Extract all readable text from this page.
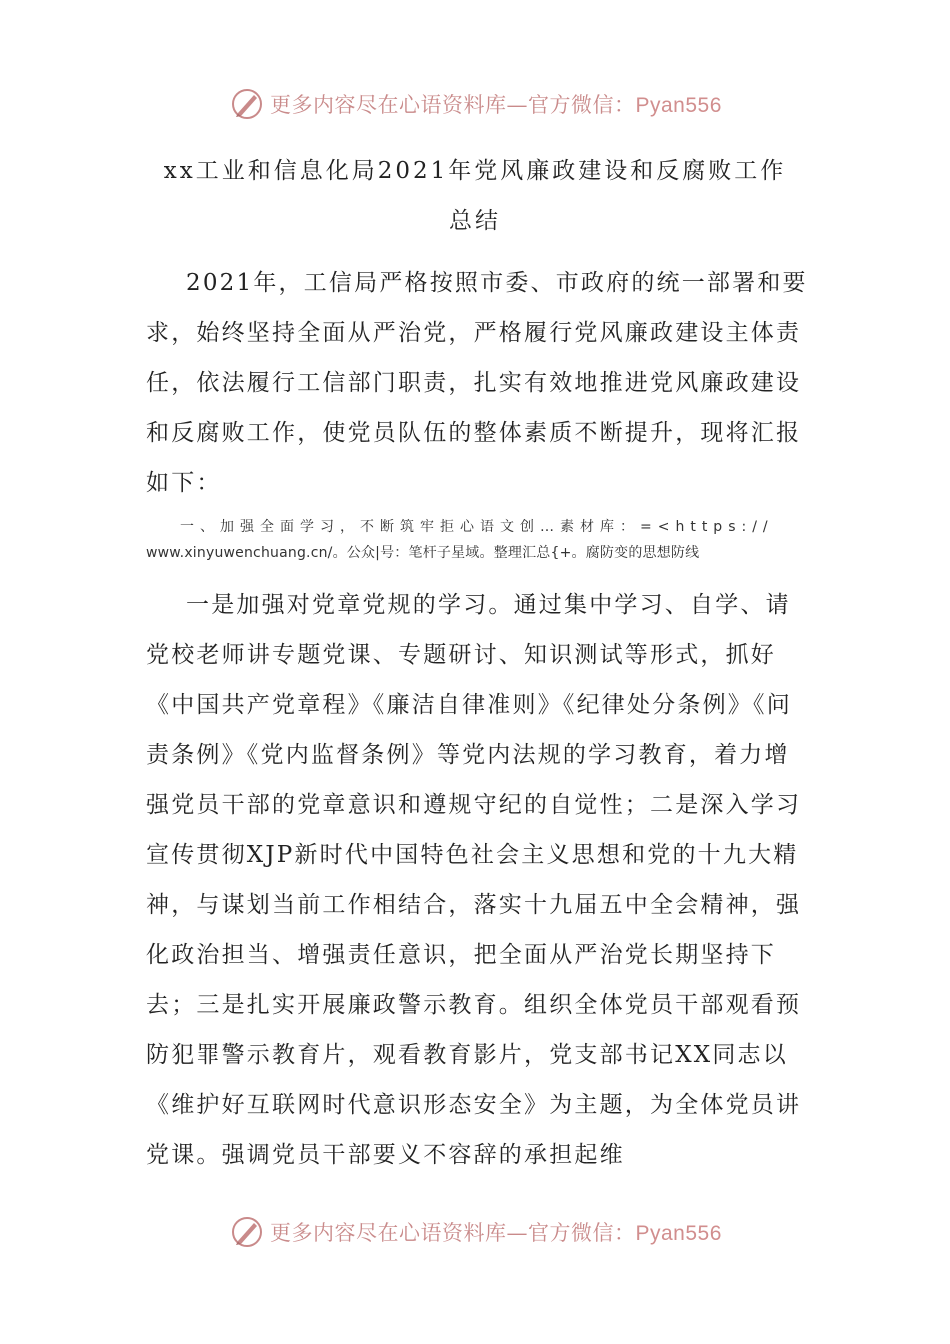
更多内容尽在心语资料库—官方微信：Pyan556
xx工业和信息化局2021年党风廉政建设和反腐败工作
总结

2021年，工信局严格按照市委、市政府的统一部署和要求，始终坚持全面从严治党，严格履行党风廉政建设主体责任，依法履行工信部门职责，扎实有效地推进党风廉政建设和反腐败工作，使党员队伍的整体素质不断提升，现将汇报如下：

一、加强全面学习，不断筑牢拒心语文创…素材库：=<https://
www.xinyuwenchuang.cn/。公众|号：笔杆子星域。整理汇总{+。腐防变的思想防线

一是加强对党章党规的学习。通过集中学习、自学、请党校老师讲专题党课、专题研讨、知识测试等形式，抓好《中国共产党章程》《廉洁自律准则》《纪律处分条例》《问责条例》《党内监督条例》等党内法规的学习教育，着力增强党员干部的党章意识和遵规守纪的自觉性；二是深入学习宣传贯彻XJP新时代中国特色社会主义思想和党的十九大精神，与谋划当前工作相结合，落实十九届五中全会精神，强化政治担当、增强责任意识，把全面从严治党长期坚持下去；三是扎实开展廉政警示教育。组织全体党员干部观看预防犯罪警示教育片，观看教育影片，党支部书记XX同志以《维护好互联网时代意识形态安全》为主题，为全体党员讲党课。强调党员干部要义不容辞的承担起维

更多内容尽在心语资料库—官方微信：Pyan556
